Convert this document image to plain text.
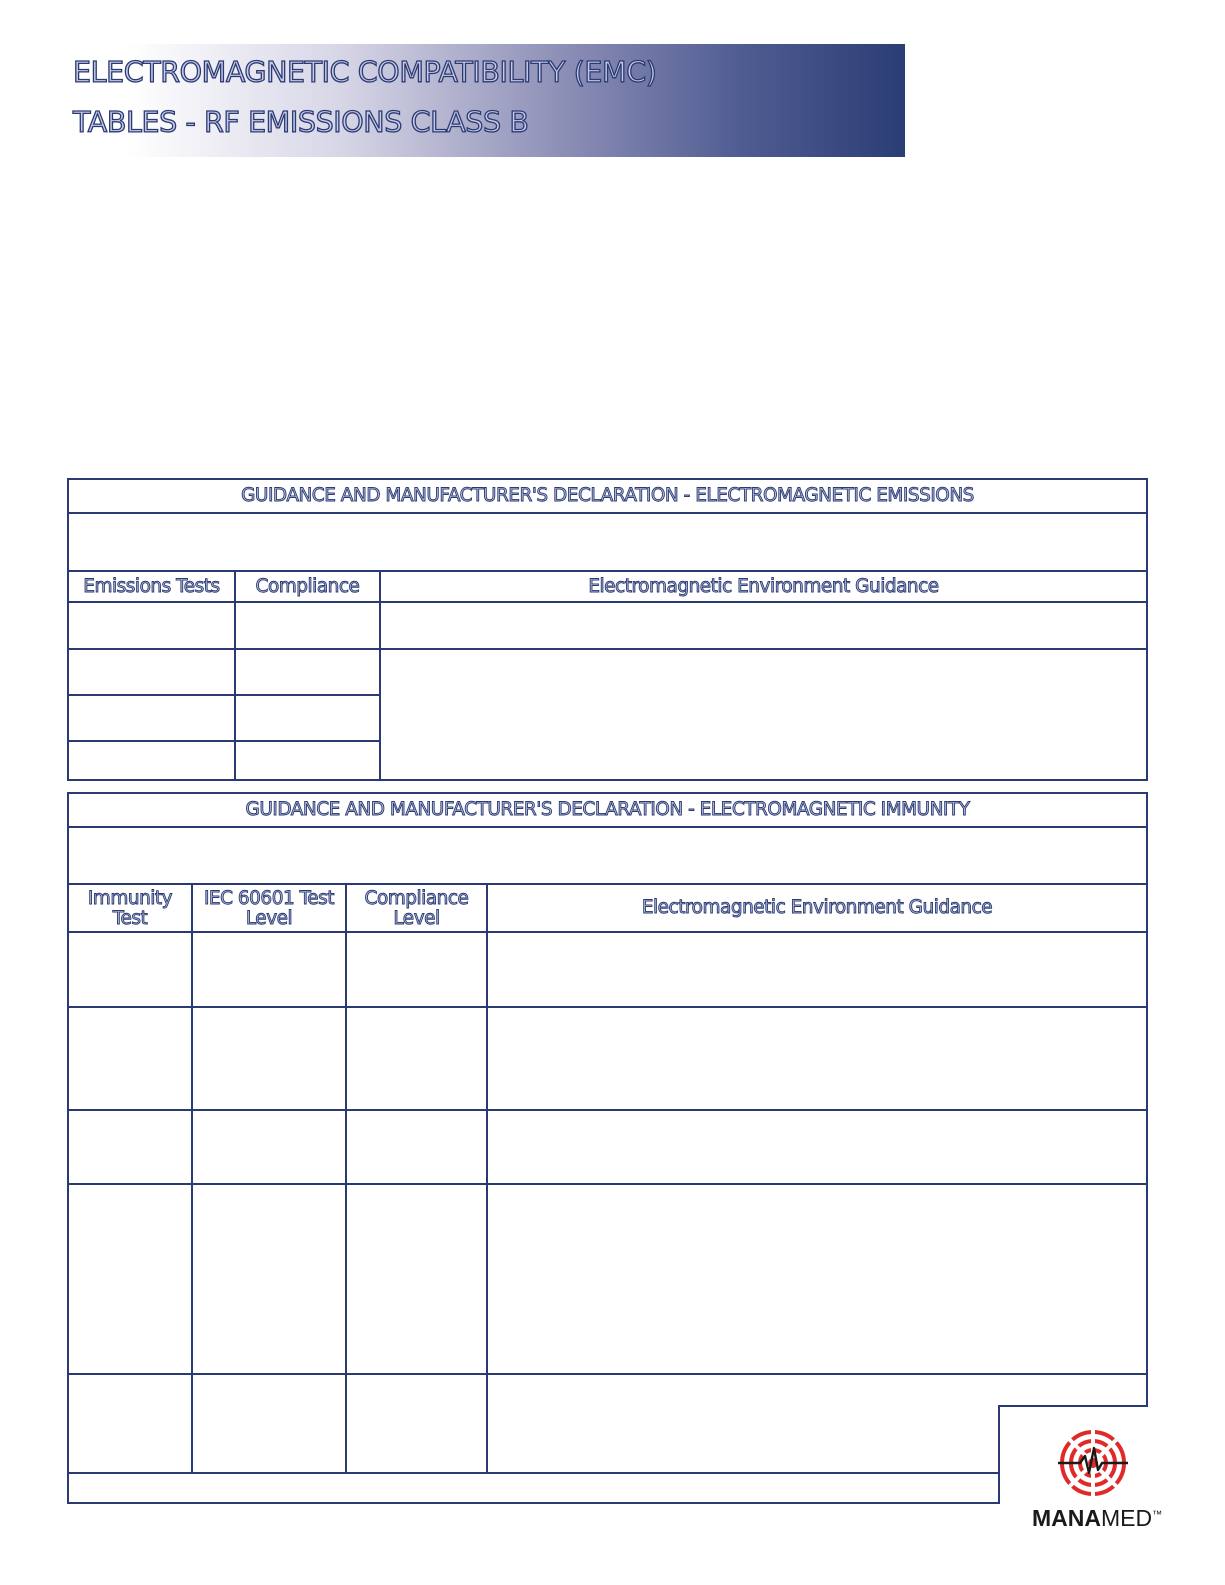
ELECTROMAGNETIC COMPATIBILITY (EMC)
TABLES - RF EMISSIONS CLASS B
GUIDANCE AND MANUFACTURER'S DECLARATION - ELECTROMAGNETIC EMISSIONS
Emissions Tests	Compliance	Electromagnetic Environment Guidance
GUIDANCE AND MANUFACTURER'S DECLARATION - ELECTROMAGNETIC IMMUNITY
Immunity
Test
IEC 60601 Test
Level
Compliance
Level
Electromagnetic Environment Guidance
MANAMED™
